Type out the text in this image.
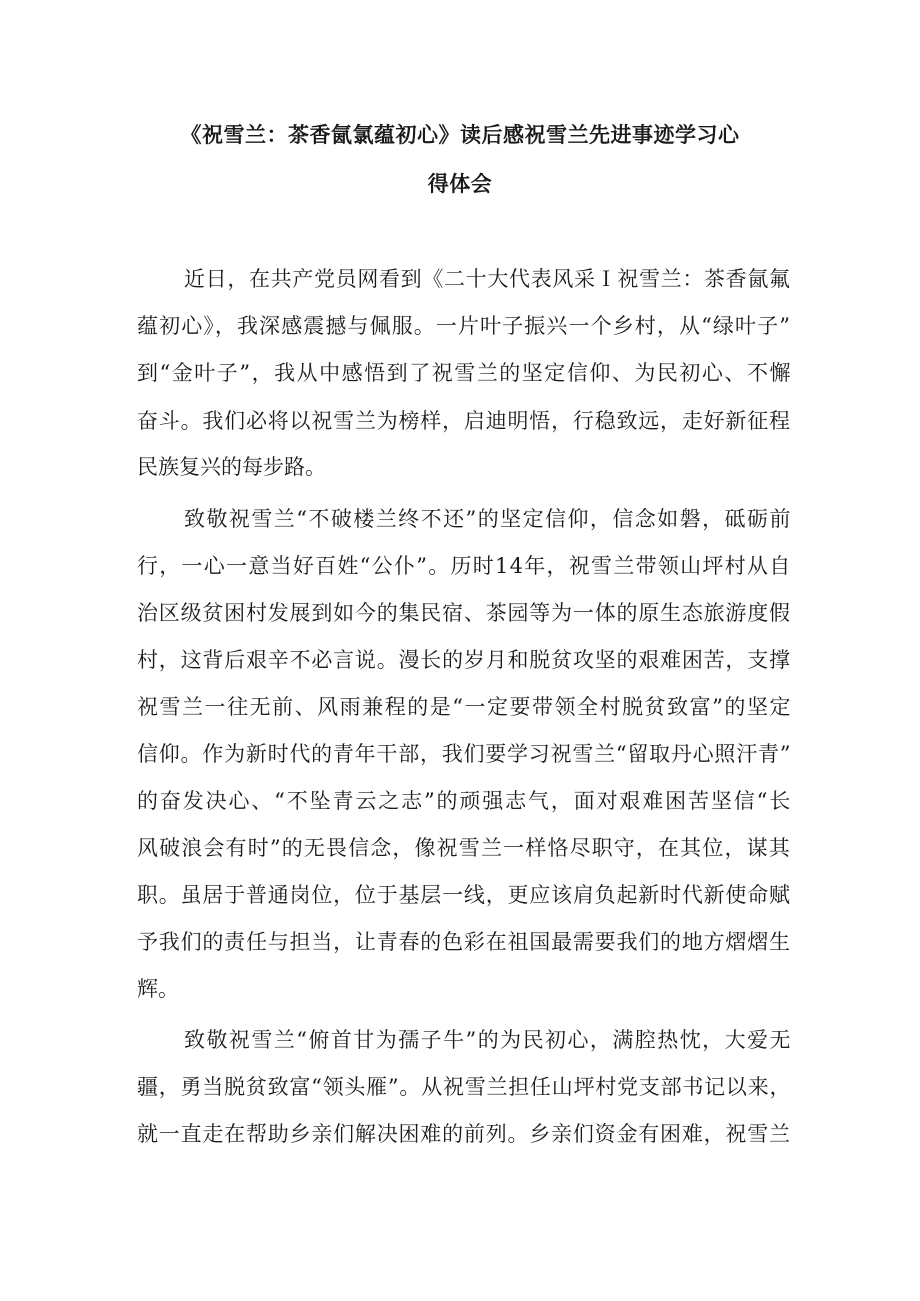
《祝雪兰：茶香氤氯蕴初心》读后感祝雪兰先进事迹学习心
得体会
近日，在共产党员网看到《二十大代表风采Ｉ祝雪兰：茶香氤氟
蕴初心》，我深感震撼与佩服。一片叶子振兴一个乡村，从“绿叶子”
到“金叶子”，我从中感悟到了祝雪兰的坚定信仰、为民初心、不懈
奋斗。我们必将以祝雪兰为榜样，启迪明悟，行稳致远，走好新征程
民族复兴的每步路。
致敬祝雪兰“不破楼兰终不还”的坚定信仰，信念如磐，砥砺前
行，一心一意当好百姓“公仆”。历时14年，祝雪兰带领山坪村从自
治区级贫困村发展到如今的集民宿、茶园等为一体的原生态旅游度假
村，这背后艰辛不必言说。漫长的岁月和脱贫攻坚的艰难困苦，支撑
祝雪兰一往无前、风雨兼程的是“一定要带领全村脱贫致富”的坚定
信仰。作为新时代的青年干部，我们要学习祝雪兰“留取丹心照汗青”
的奋发决心、“不坠青云之志”的顽强志气，面对艰难困苦坚信“长
风破浪会有时”的无畏信念，像祝雪兰一样恪尽职守，在其位，谋其
职。虽居于普通岗位，位于基层一线，更应该肩负起新时代新使命赋
予我们的责任与担当，让青春的色彩在祖国最需要我们的地方熠熠生
辉。
致敬祝雪兰“俯首甘为孺子牛”的为民初心，满腔热忱，大爱无
疆，勇当脱贫致富“领头雁”。从祝雪兰担任山坪村党支部书记以来，
就一直走在帮助乡亲们解决困难的前列。乡亲们资金有困难，祝雪兰
